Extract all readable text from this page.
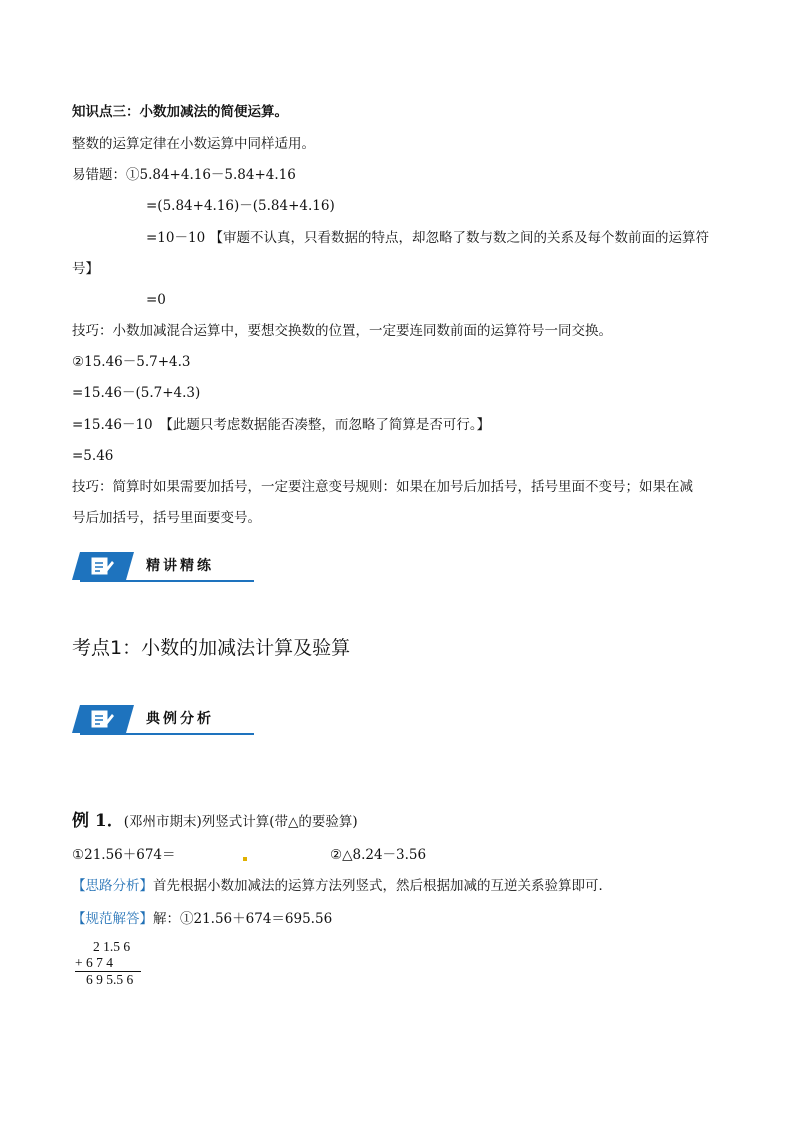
知识点三：小数加减法的简便运算。
整数的运算定律在小数运算中同样适用。
易错题：①5.84+4.16－5.84+4.16
=(5.84+4.16)－(5.84+4.16)
=10－10 【审题不认真，只看数据的特点，却忽略了数与数之间的关系及每个数前面的运算符
号】
=0
技巧：小数加减混合运算中，要想交换数的位置，一定要连同数前面的运算符号一同交换。
②15.46－5.7+4.3
=15.46－(5.7+4.3)
=15.46－10　【此题只考虑数据能否凑整，而忽略了简算是否可行。】
=5.46
技巧：简算时如果需要加括号，一定要注意变号规则：如果在加号后加括号，括号里面不变号；如果在减
号后加括号，括号里面要变号。
精讲精练
考点1：小数的加减法计算及验算
典例分析
例 1．(邓州市期末)列竖式计算(带△的要验算)
①21.56＋674＝	②△8.24－3.56
【思路分析】首先根据小数加减法的运算方法列竖式，然后根据加减的互逆关系验算即可．
【规范解答】解：①21.56＋674＝695.56
2 1.5 6
+ 6 7 4
6 9 5.5 6
